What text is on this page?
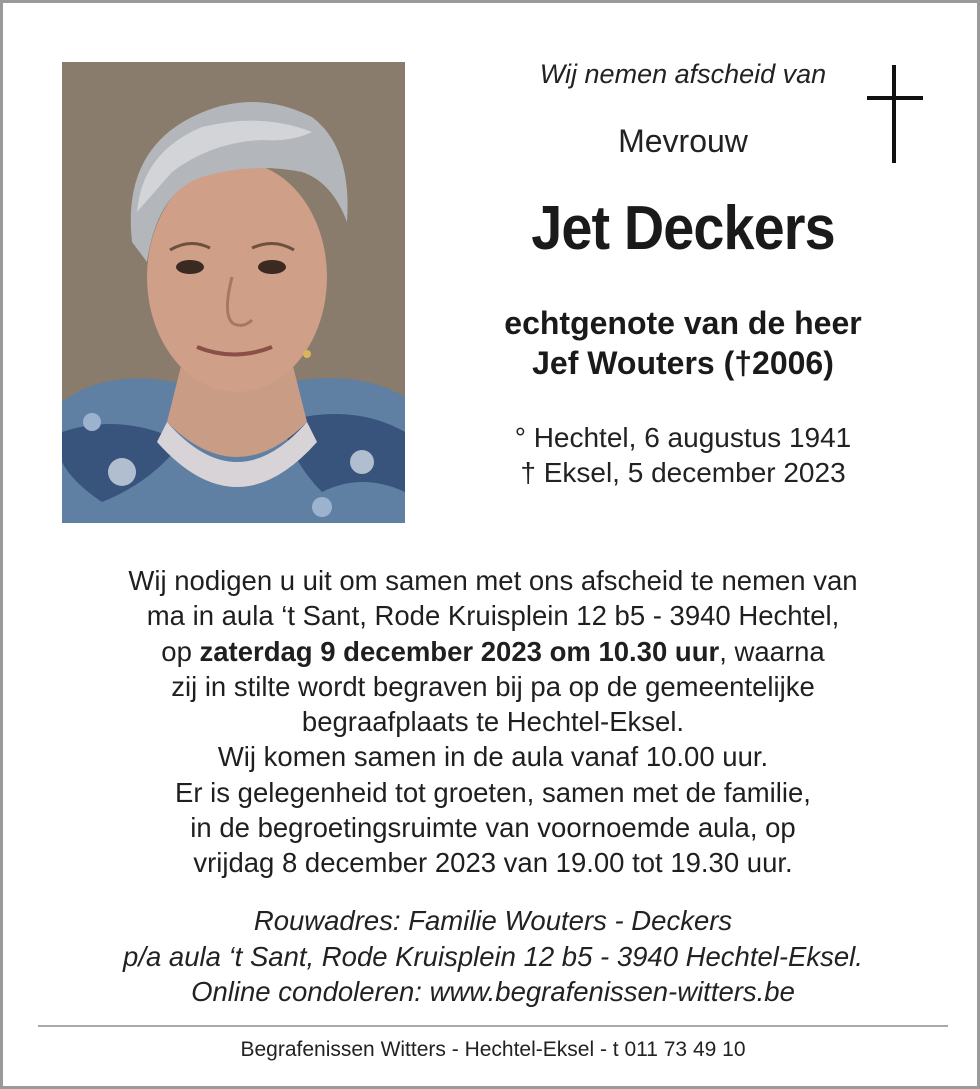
Wij nemen afscheid van
Mevrouw
Jet Deckers
echtgenote van de heer
Jef Wouters (†2006)
° Hechtel, 6 augustus 1941
† Eksel, 5 december 2023
Wij nodigen u uit om samen met ons afscheid te nemen van
ma in aula ‘t Sant, Rode Kruisplein 12 b5 - 3940 Hechtel,
op zaterdag 9 december 2023 om 10.30 uur, waarna
zij in stilte wordt begraven bij pa op de gemeentelijke
begraafplaats te Hechtel-Eksel.
Wij komen samen in de aula vanaf 10.00 uur.
Er is gelegenheid tot groeten, samen met de familie,
in de begroetingsruimte van voornoemde aula, op
vrijdag 8 december 2023 van 19.00 tot 19.30 uur.
Rouwadres: Familie Wouters - Deckers
p/a aula ‘t Sant, Rode Kruisplein 12 b5 - 3940 Hechtel-Eksel.
Online condoleren: www.begrafenissen-witters.be
Begrafenissen Witters - Hechtel-Eksel - t 011 73 49 10
